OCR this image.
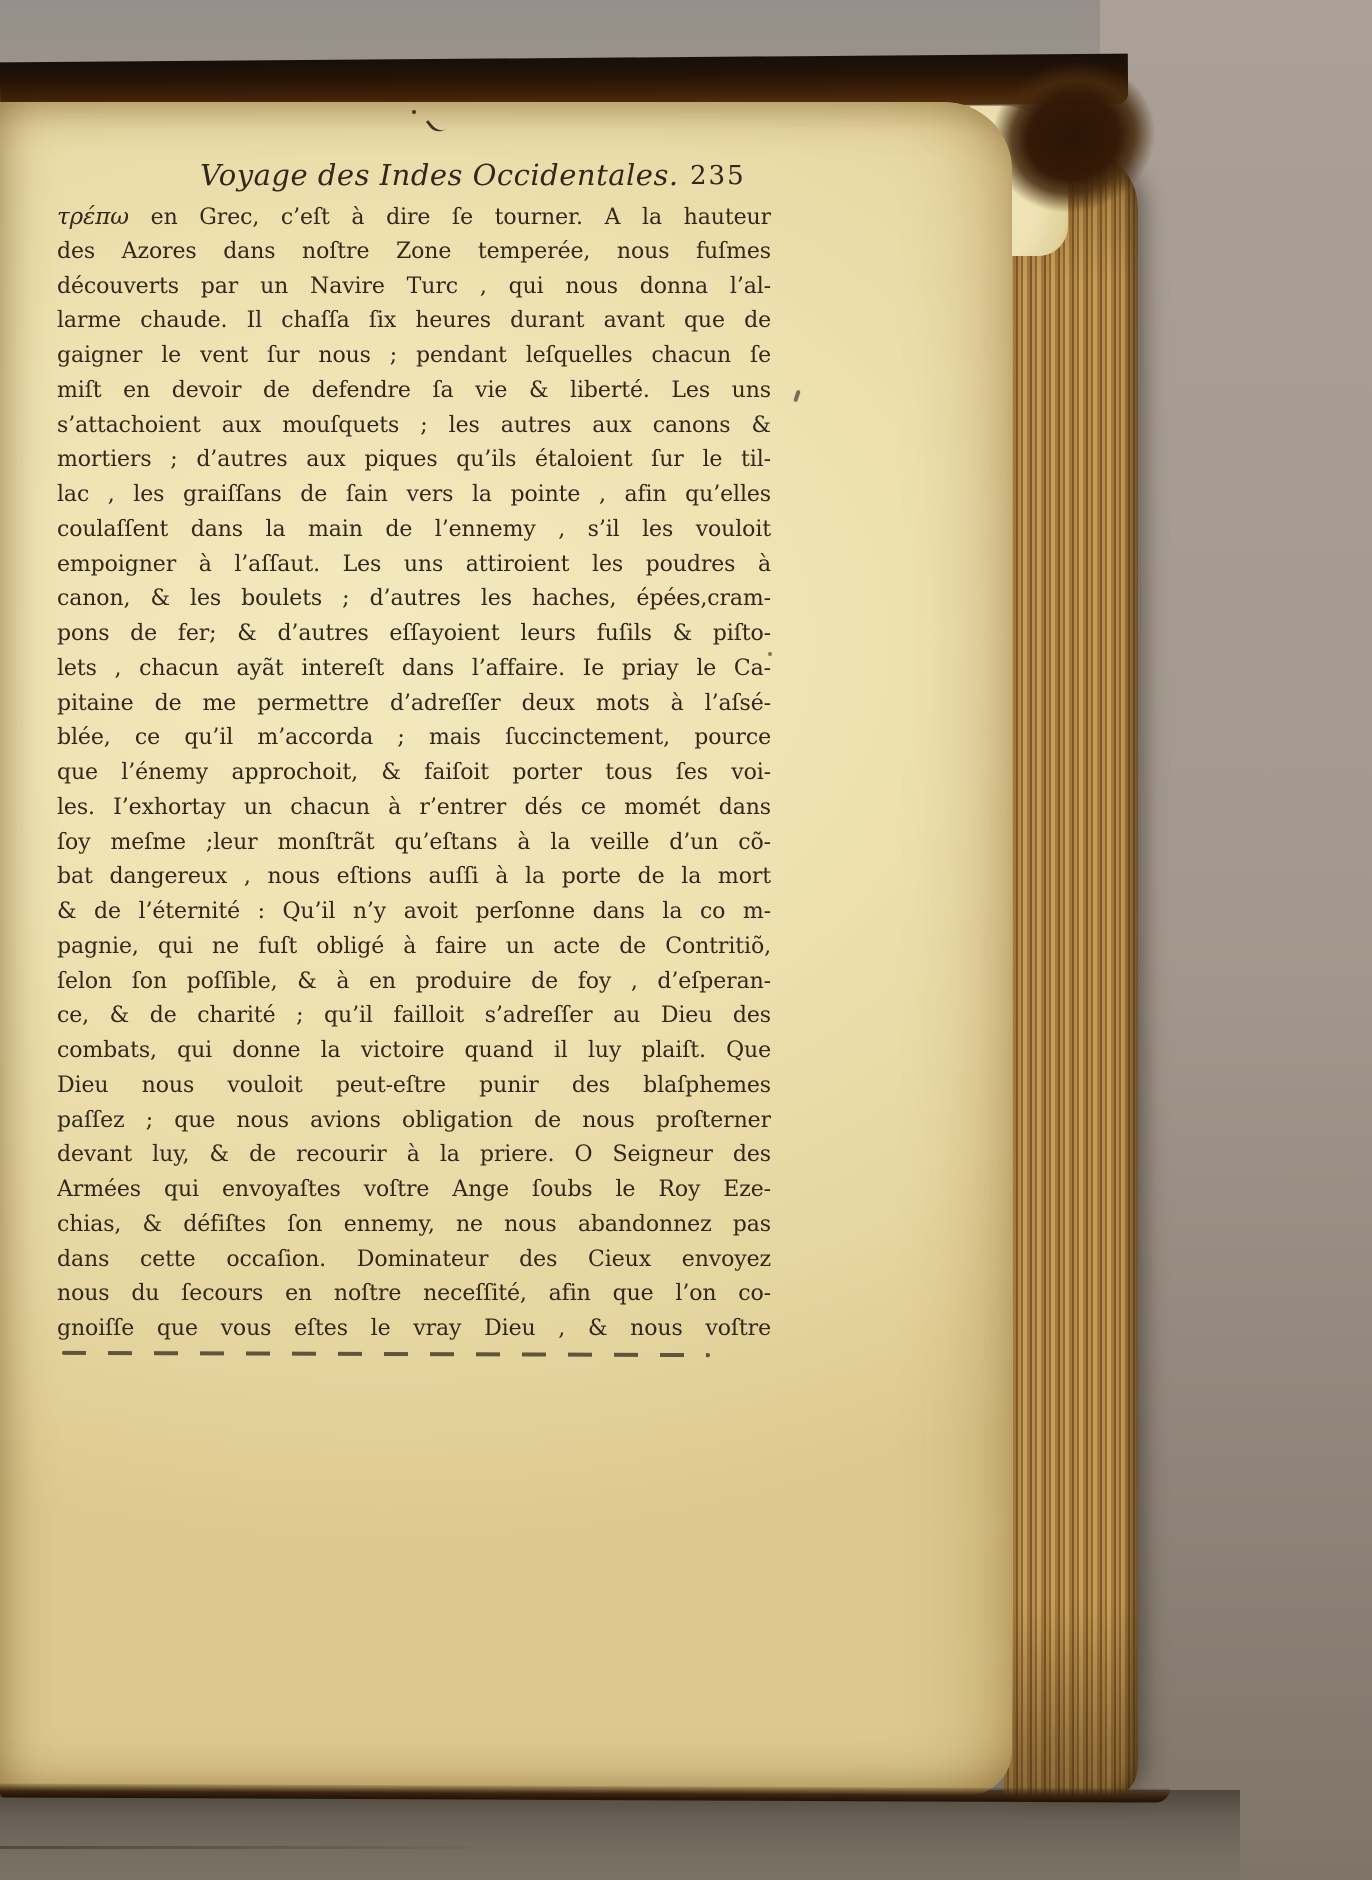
Voyage des Indes Occidentales. 235
τρέπω en Grec, c’eſt à dire ſe tourner. A la hauteur
des Azores dans noſtre Zone temperée, nous fuſmes
découverts par un Navire Turc , qui nous donna l’al-
larme chaude. Il chaſſa ſix heures durant avant que de
gaigner le vent ſur nous ; pendant leſquelles chacun ſe
miſt en devoir de defendre ſa vie & liberté. Les uns
s’attachoient aux mouſquets ; les autres aux canons &
mortiers ; d’autres aux piques qu’ils étaloient ſur le til-
lac , les graiſſans de ſain vers la pointe , afin qu’elles
coulaſſent dans la main de l’ennemy , s’il les vouloit
empoigner à l’aſſaut. Les uns attiroient les poudres à
canon, & les boulets ; d’autres les haches, épées,cram-
pons de fer; & d’autres eſſayoient leurs fuſils & piſto-
lets , chacun ayãt intereſt dans l’affaire. Ie priay le Ca-
pitaine de me permettre d’adreſſer deux mots à l’aſsé-
blée, ce qu’il m’accorda ; mais ſuccinctement, pource
que l’énemy approchoit, & faiſoit porter tous ſes voi-
les. I’exhortay un chacun à r’entrer dés ce momét dans
ſoy meſme ;leur monſtrãt qu’eſtans à la veille d’un cõ-
bat dangereux , nous eſtions auſſi à la porte de la mort
& de l’éternité : Qu’il n’y avoit perſonne dans la co m-
pagnie, qui ne fuſt obligé à faire un acte de Contritiõ,
ſelon ſon poſſible, & à en produire de foy , d’eſperan-
ce, & de charité ; qu’il failloit s’adreſſer au Dieu des
combats, qui donne la victoire quand il luy plaiſt. Que
Dieu nous vouloit peut-eſtre punir des blaſphemes
paſſez ; que nous avions obligation de nous proſterner
devant luy, & de recourir à la priere. O Seigneur des
Armées qui envoyaſtes voſtre Ange ſoubs le Roy Eze-
chias, & défiſtes ſon ennemy, ne nous abandonnez pas
dans cette occaſion. Dominateur des Cieux envoyez
nous du ſecours en noſtre neceſſité, afin que l’on co-
gnoiſſe que vous eſtes le vray Dieu , & nous voſtre
